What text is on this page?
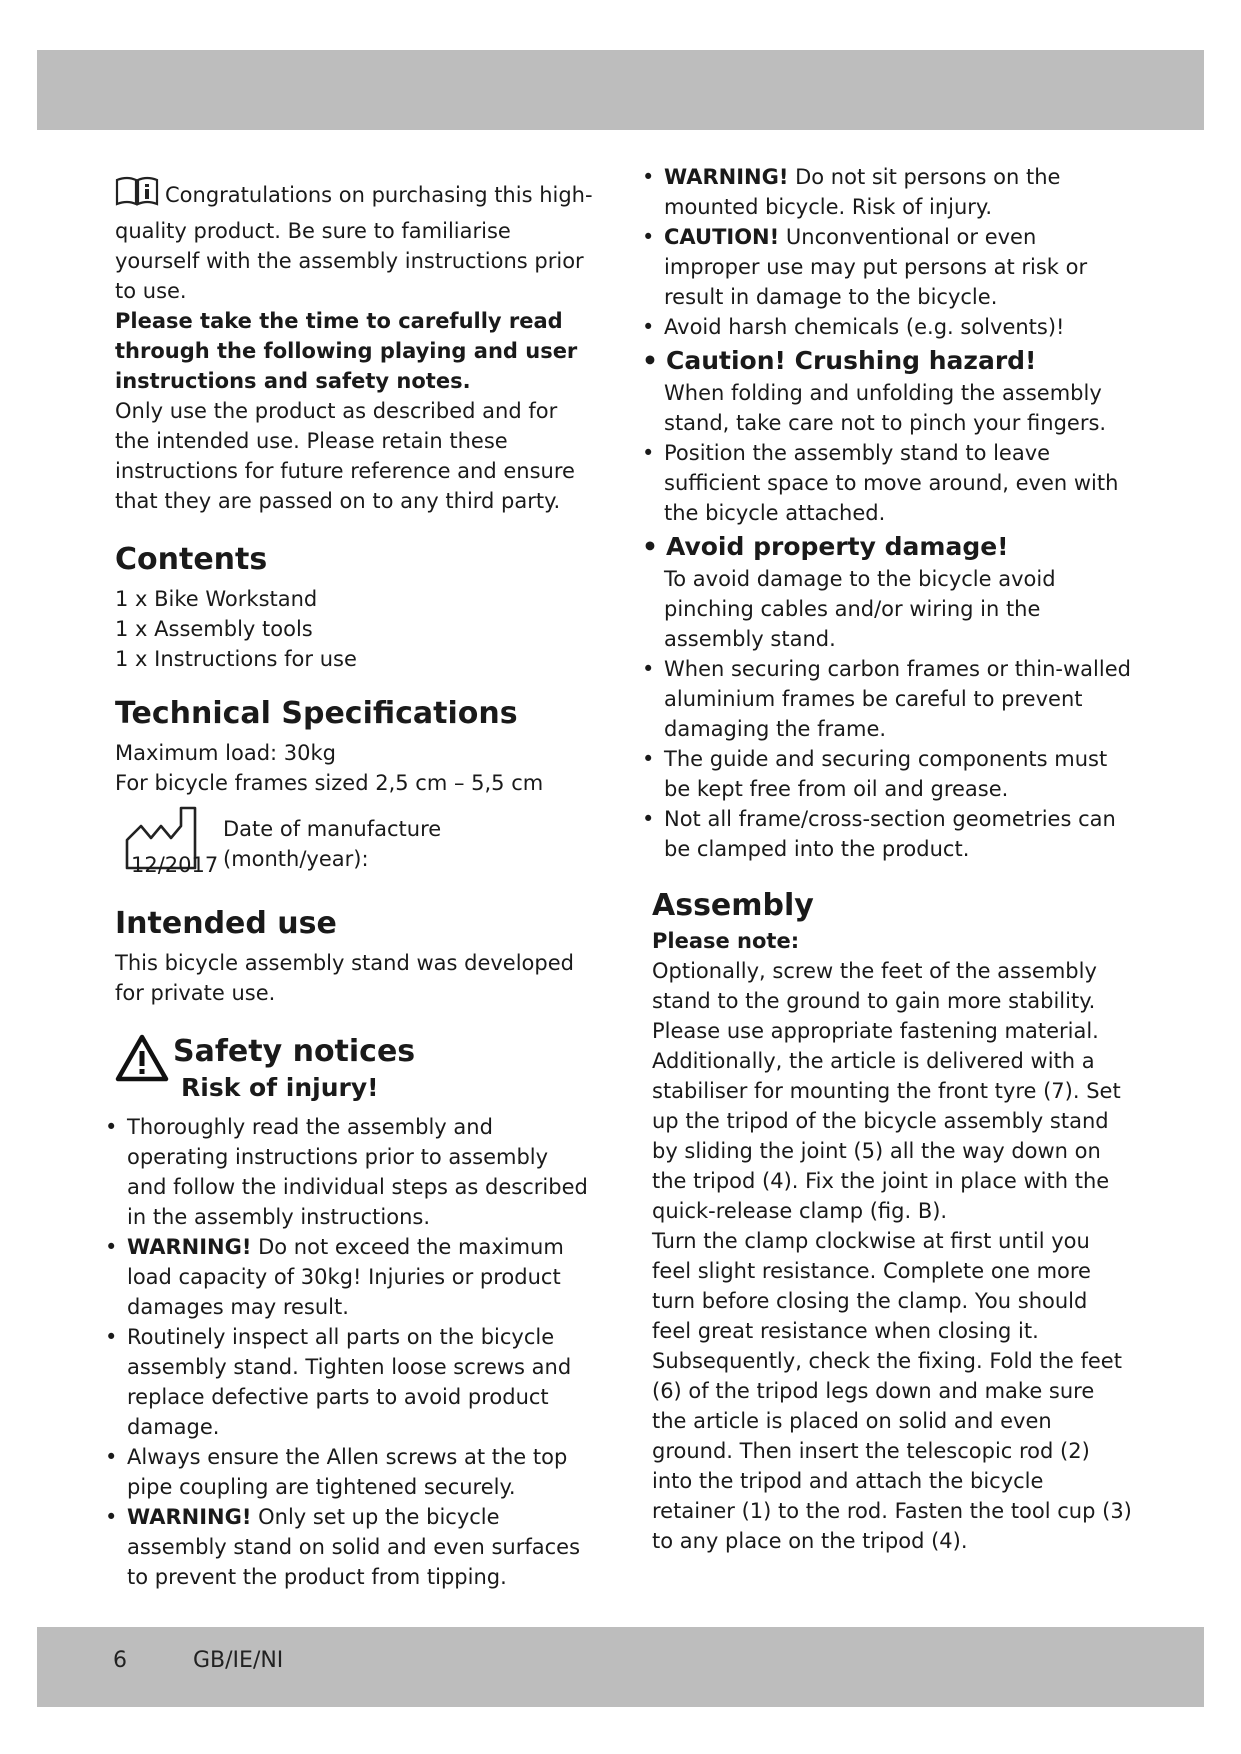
Congratulations on purchasing this high-quality product. Be sure to familiarise yourself with the assembly instructions prior to use.

Please take the time to carefully read through the following playing and user instructions and safety notes.

Only use the product as described and for the intended use. Please retain these instructions for future reference and ensure that they are passed on to any third party.

Contents

1 x Bike Workstand

1 x Assembly tools

1 x Instructions for use

Technical Specifications

Maximum load: 30kg

For bicycle frames sized 2,5 cm – 5,5 cm

Date of manufacture (month/year):
12/2017
Intended use

This bicycle assembly stand was developed for private use.

Safety notices
Risk of injury!

• Thoroughly read the assembly and operating instructions prior to assembly and follow the individual steps as described in the assembly instructions.

• WARNING! Do not exceed the maximum load capacity of 30kg! Injuries or product damages may result.

• Routinely inspect all parts on the bicycle assembly stand. Tighten loose screws and replace defective parts to avoid product damage.

• Always ensure the Allen screws at the top pipe coupling are tightened securely.

• WARNING! Only set up the bicycle assembly stand on solid and even surfaces to prevent the product from tipping.

• WARNING! Do not sit persons on the mounted bicycle. Risk of injury.

• CAUTION! Unconventional or even improper use may put persons at risk or result in damage to the bicycle.

• Avoid harsh chemicals (e.g. solvents)!

• Caution! Crushing hazard!

When folding and unfolding the assembly stand, take care not to pinch your fingers.

• Position the assembly stand to leave sufficient space to move around, even with the bicycle attached.

• Avoid property damage!

To avoid damage to the bicycle avoid pinching cables and/or wiring in the assembly stand.

• When securing carbon frames or thin-walled aluminium frames be careful to prevent damaging the frame.

• The guide and securing components must be kept free from oil and grease.

• Not all frame/cross-section geometries can be clamped into the product.

Assembly

Please note:

Optionally, screw the feet of the assembly stand to the ground to gain more stability. Please use appropriate fastening material. Additionally, the article is delivered with a stabiliser for mounting the front tyre (7). Set up the tripod of the bicycle assembly stand by sliding the joint (5) all the way down on the tripod (4). Fix the joint in place with the quick-release clamp (fig. B).

Turn the clamp clockwise at first until you feel slight resistance. Complete one more turn before closing the clamp. You should feel great resistance when closing it. Subsequently, check the fixing. Fold the feet (6) of the tripod legs down and make sure the article is placed on solid and even ground. Then insert the telescopic rod (2) into the tripod and attach the bicycle retainer (1) to the rod. Fasten the tool cup (3) to any place on the tripod (4).

6	GB/IE/NI
